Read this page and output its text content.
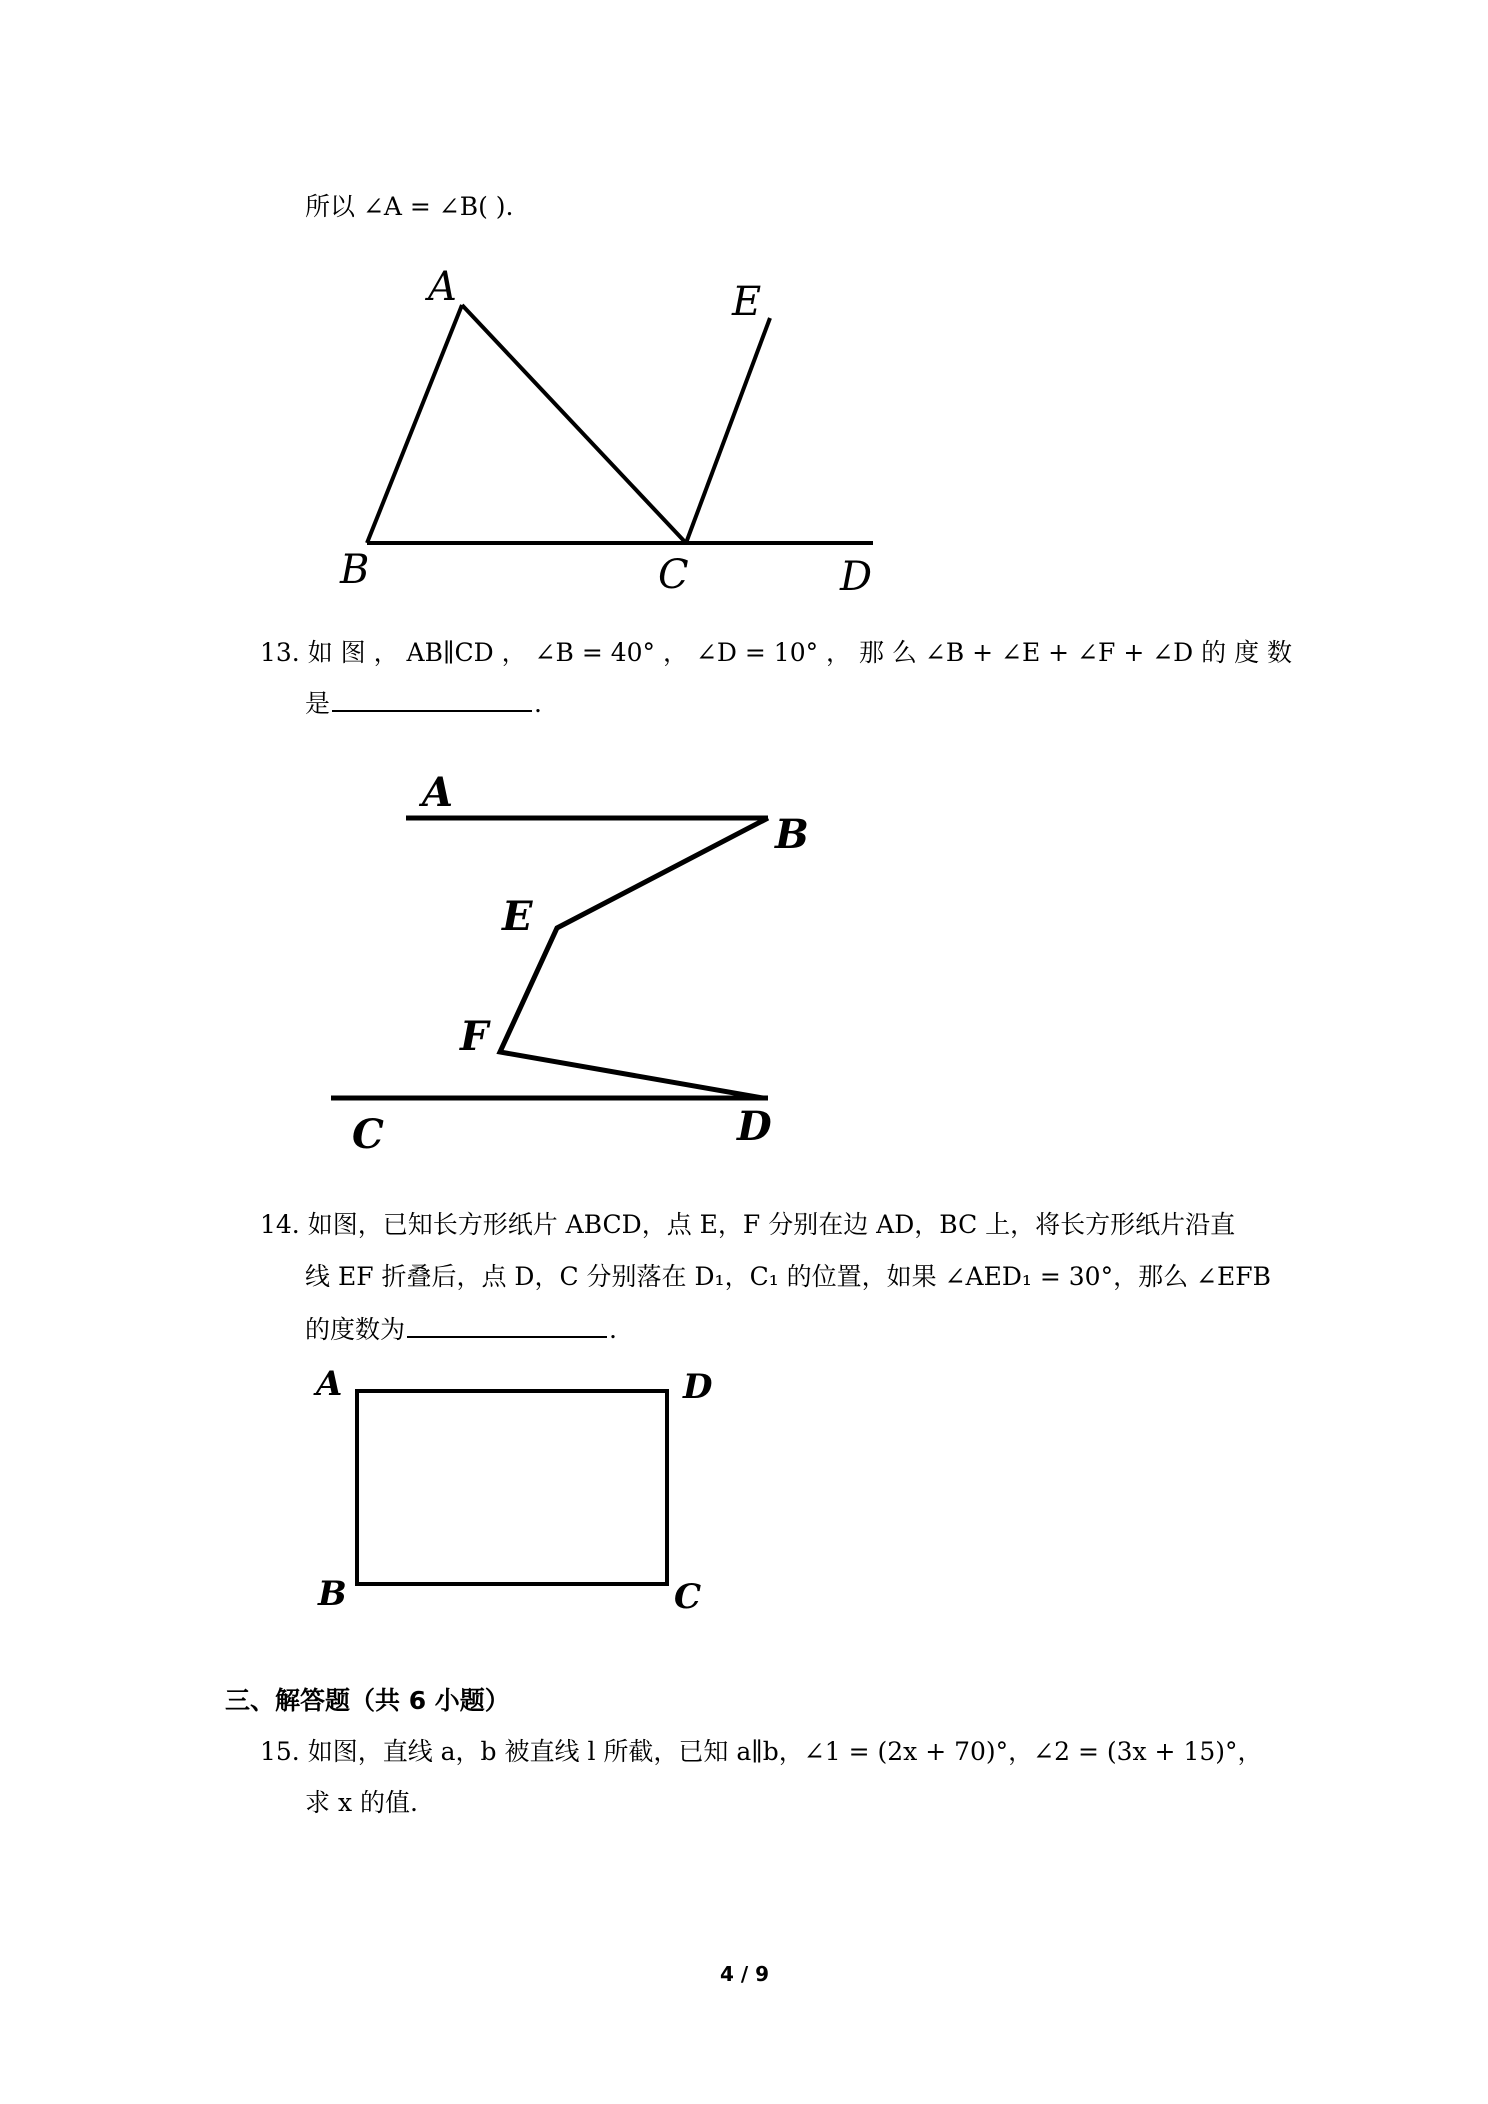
所以 ∠A = ∠B( ).
13. 如 图 ， AB∥CD ， ∠B = 40° ， ∠D = 10° ， 那 么 ∠B + ∠E + ∠F + ∠D 的 度 数
是	.
14. 如图，已知长方形纸片 ABCD，点 E，F 分别在边 AD，BC 上，将长方形纸片沿直
线 EF 折叠后，点 D，C 分别落在 D₁，C₁ 的位置，如果 ∠AED₁ = 30°，那么 ∠EFB
的度数为	.
三、解答题（共 6 小题）
15. 如图，直线 a，b 被直线 l 所截，已知 a∥b，∠1 = (2x + 70)°，∠2 = (3x + 15)°，
求 x 的值.
4 / 9
A	E
B	C	D
A
B
E
F
C	D
A	D
B	C
